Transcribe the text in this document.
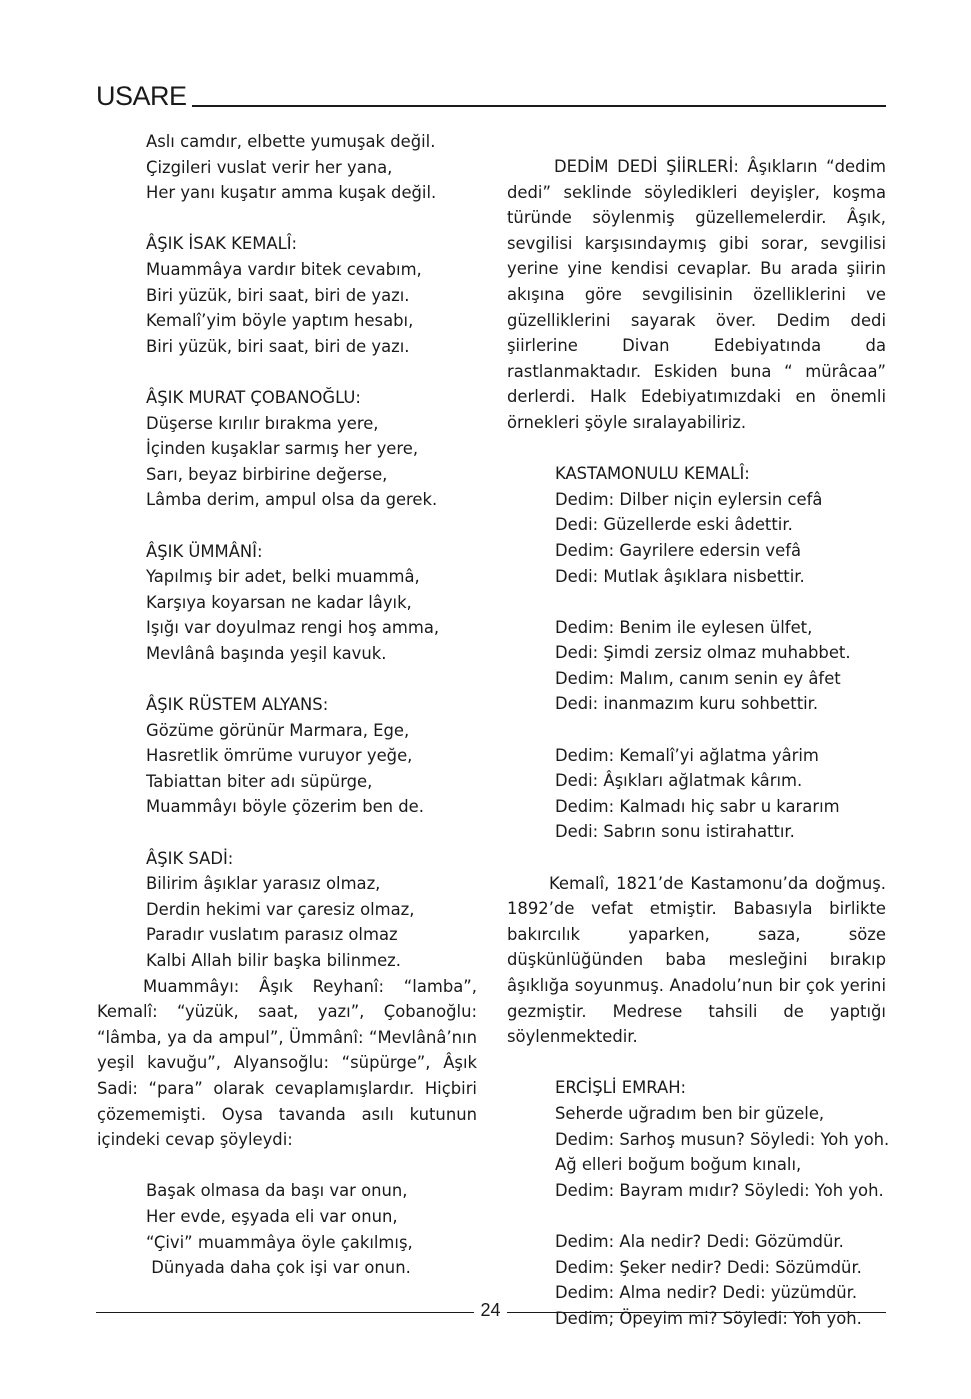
USARE
Aslı camdır, elbette yumuşak değil.
Çizgileri vuslat verir her yana,
Her yanı kuşatır amma kuşak değil.
ÂŞIK İSAK KEMALÎ:
Muammâya vardır bitek cevabım,
Biri yüzük, biri saat, biri de yazı.
Kemalî’yim böyle yaptım hesabı,
Biri yüzük, biri saat, biri de yazı.
ÂŞIK MURAT ÇOBANOĞLU:
Düşerse kırılır bırakma yere,
İçinden kuşaklar sarmış her yere,
Sarı, beyaz birbirine değerse,
Lâmba derim, ampul olsa da gerek.
ÂŞIK ÜMMÂNÎ:
Yapılmış bir adet, belki muammâ,
Karşıya koyarsan ne kadar lâyık,
Işığı var doyulmaz rengi hoş amma,
Mevlânâ başında yeşil kavuk.
ÂŞIK RÜSTEM ALYANS:
Gözüme görünür Marmara, Ege,
Hasretlik ömrüme vuruyor yeğe,
Tabiattan biter adı süpürge,
Muammâyı böyle çözerim ben de.
ÂŞIK SADİ:
Bilirim âşıklar yarasız olmaz,
Derdin hekimi var çaresiz olmaz,
Paradır vuslatım parasız olmaz
Kalbi Allah bilir başka bilinmez.

Muammâyı: Âşık Reyhanî: “lamba”, Kemalî: “yüzük, saat, yazı”, Çobanoğlu: “lâmba, ya da ampul”, Ümmânî: “Mevlânâ’nın yeşil kavuğu”, Alyansoğlu: “süpürge”, Âşık Sadi: “para” olarak cevaplamışlardır. Hiçbiri çözememişti. Oysa tavanda asılı kutunun içindeki cevap şöyleydi:

Başak olmasa da başı var onun,
Her evde, eşyada eli var onun,
“Çivi” muammâya öyle çakılmış,
Dünyada daha çok işi var onun.

DEDİM DEDİ ŞİİRLERİ: Âşıkların “dedim dedi” seklinde söyledikleri deyişler, koşma türünde söylenmiş güzellemelerdir. Âşık, sevgilisi karşısındaymış gibi sorar, sevgilisi yerine yine kendisi cevaplar. Bu arada şiirin akışına göre sevgilisinin özelliklerini ve güzelliklerini sayarak över. Dedim dedi şiirlerine Divan Edebiyatında da rastlanmaktadır. Eskiden buna “ mürâcaa” derlerdi. Halk Edebiyatımızdaki en önemli örnekleri şöyle sıralayabiliriz.

KASTAMONULU KEMALÎ:
Dedim: Dilber niçin eylersin cefâ
Dedi: Güzellerde eski âdettir.
Dedim: Gayrilere edersin vefâ
Dedi: Mutlak âşıklara nisbettir.
Dedim: Benim ile eylesen ülfet,
Dedi: Şimdi zersiz olmaz muhabbet.
Dedim: Malım, canım senin ey âfet
Dedi: inanmazım kuru sohbettir.
Dedim: Kemalî’yi ağlatma yârim
Dedi: Âşıkları ağlatmak kârım.
Dedim: Kalmadı hiç sabr u kararım
Dedi: Sabrın sonu istirahattır.

Kemalî, 1821’de Kastamonu’da doğmuş. 1892’de vefat etmiştir. Babasıyla birlikte bakırcılık yaparken, saza, söze düşkünlüğünden baba mesleğini bırakıp âşıklığa soyunmuş. Anadolu’nun bir çok yerini gezmiştir. Medrese tahsili de yaptığı söylenmektedir.

ERCİŞLİ EMRAH:
Seherde uğradım ben bir güzele,
Dedim: Sarhoş musun? Söyledi: Yoh yoh.
Ağ elleri boğum boğum kınalı,
Dedim: Bayram mıdır? Söyledi: Yoh yoh.
Dedim: Ala nedir? Dedi: Gözümdür.
Dedim: Şeker nedir? Dedi: Sözümdür.
Dedim: Alma nedir? Dedi: yüzümdür.
Dedim; Öpeyim mi? Söyledi: Yoh yoh.
24
